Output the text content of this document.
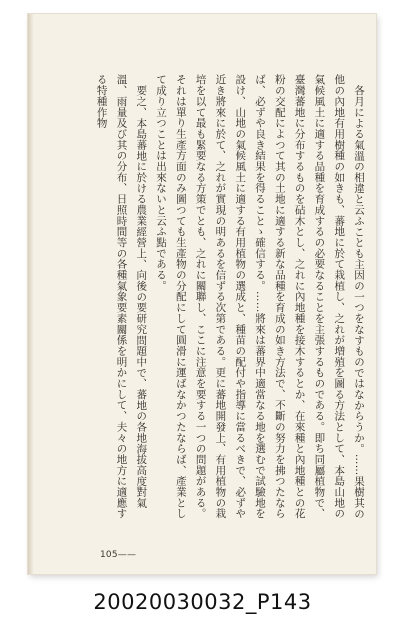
各月による氣溫の相違と云ふことも主因の一つをなすものではなからうか。……果樹其の他の內地有用樹種の如きも、蕃地に於て栽植し、之れが増殖を圖る方法として、本島山地の氣候風土に適する品種を育成するの必要なることを主張するものである。即ち同屬植物で、臺灣蕃地に分布するものを砧木とし、之れに內地種を接木するとか、在來種と內地種との花粉の交配によつて其の土地に適する新な品種を育成の如き方法で、不斷の努力を拂つたならば、必ずや良き結果を得ることゝ確信する。……將來は蕃界中適當なる地を選むで試驗地を設け、山地の氣候風土に適する有用植物の選成と、種苗の配付や指導に當るべきで、必ずや近き將來に於て、之れが實現の明あるを信ずる次第である。更に蕃地開發上、有用植物の栽培を以て最も緊要なる方策でとも、之れに關聯し、ここに注意を要する一つの問題がある。それは單り生產方面のみ圖つても生產物の分配にして圓滑に運ばなかつたならば、產業として成り立つことは出來ないと云ふ點である。

要之、本島蕃地に於ける農業經營上、向後の要研究問題中で、蕃地の各地海拔高度對氣溫、雨量及び其の分布、日照時間等の各種氣象要素關係を明かにして、夫々の地方に適應する特種作物

105——
20020030032_P143
